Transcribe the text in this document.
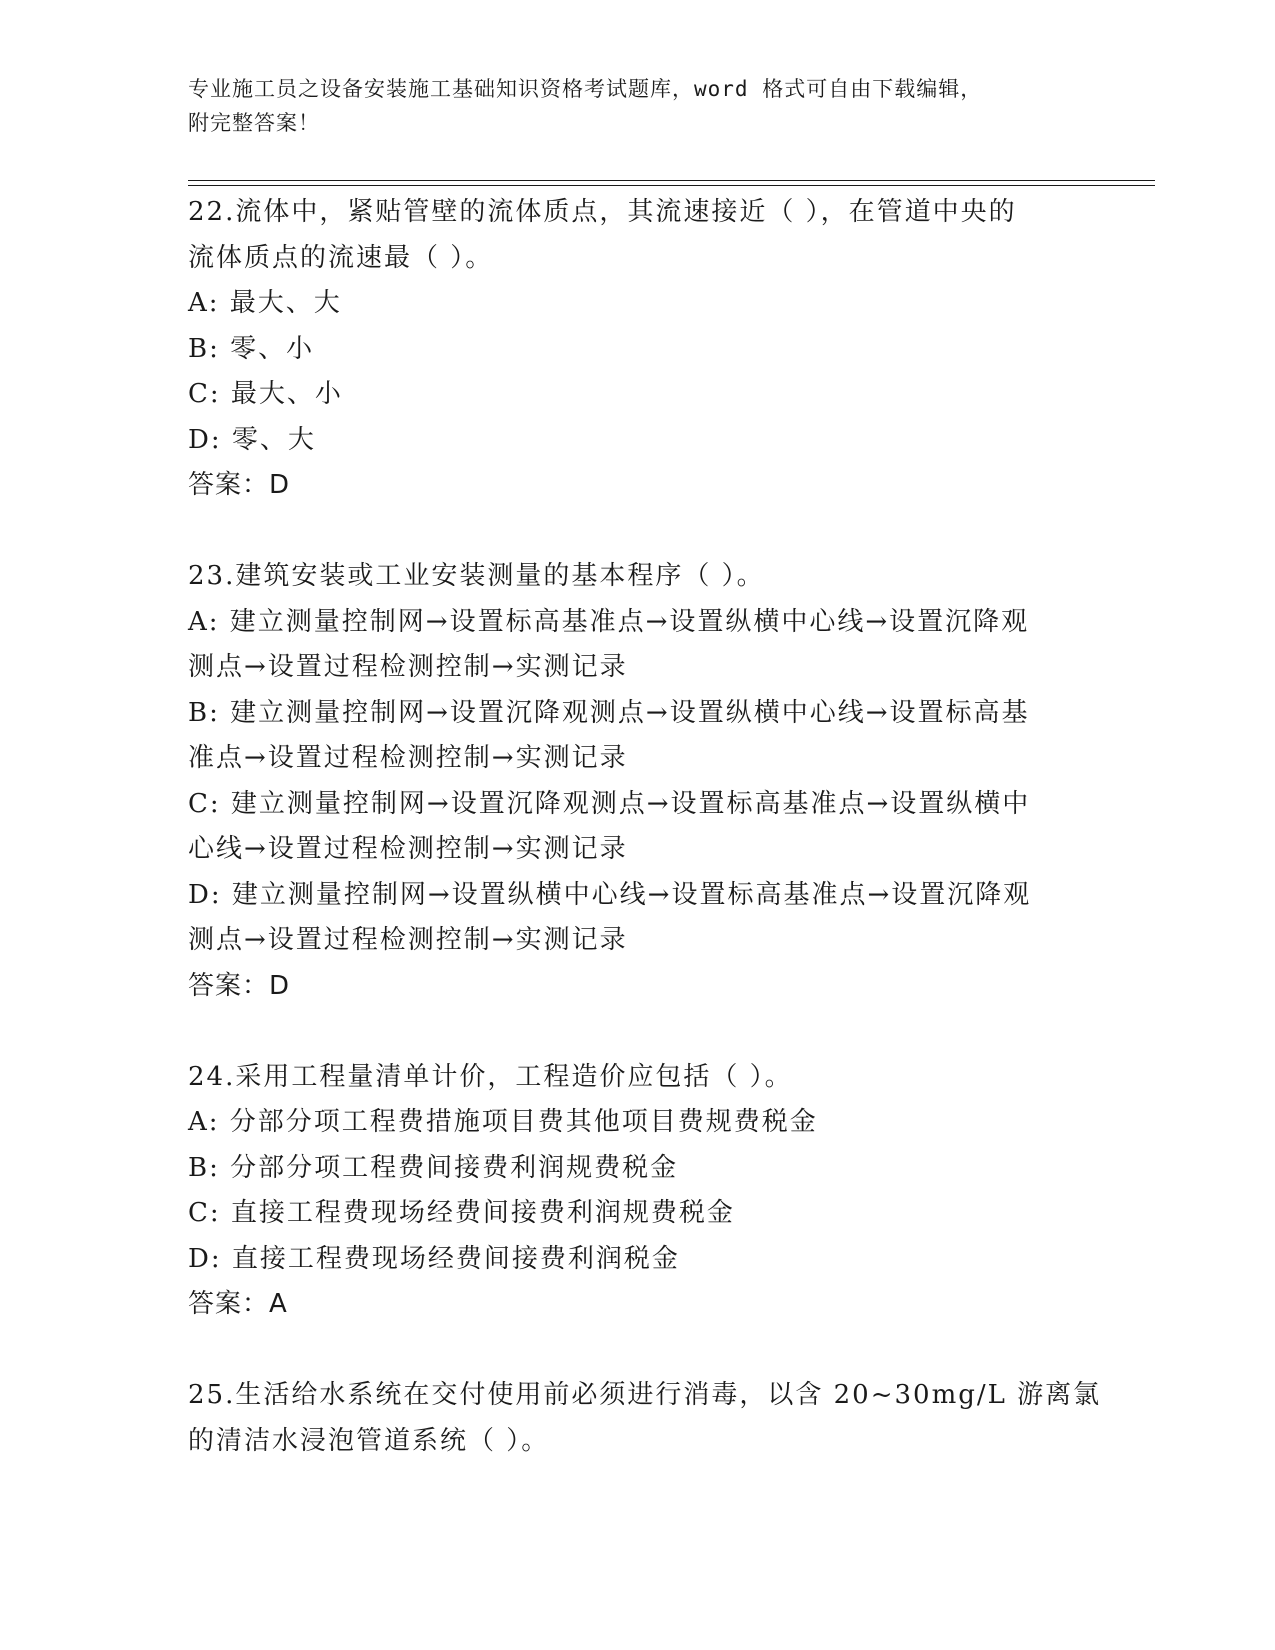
专业施工员之设备安装施工基础知识资格考试题库，word 格式可自由下载编辑，
附完整答案！
22.流体中，紧贴管壁的流体质点，其流速接近（ ），在管道中央的
流体质点的流速最（ ）。
A: 最大、大
B: 零、小
C: 最大、小
D: 零、大
答案：D
23.建筑安装或工业安装测量的基本程序（ ）。
A: 建立测量控制网→设置标高基准点→设置纵横中心线→设置沉降观
测点→设置过程检测控制→实测记录
B: 建立测量控制网→设置沉降观测点→设置纵横中心线→设置标高基
准点→设置过程检测控制→实测记录
C: 建立测量控制网→设置沉降观测点→设置标高基准点→设置纵横中
心线→设置过程检测控制→实测记录
D: 建立测量控制网→设置纵横中心线→设置标高基准点→设置沉降观
测点→设置过程检测控制→实测记录
答案：D
24.采用工程量清单计价，工程造价应包括（ ）。
A: 分部分项工程费措施项目费其他项目费规费税金
B: 分部分项工程费间接费利润规费税金
C: 直接工程费现场经费间接费利润规费税金
D: 直接工程费现场经费间接费利润税金
答案：A
25.生活给水系统在交付使用前必须进行消毒，以含 20~30mg/L 游离氯
的清洁水浸泡管道系统（ ）。
